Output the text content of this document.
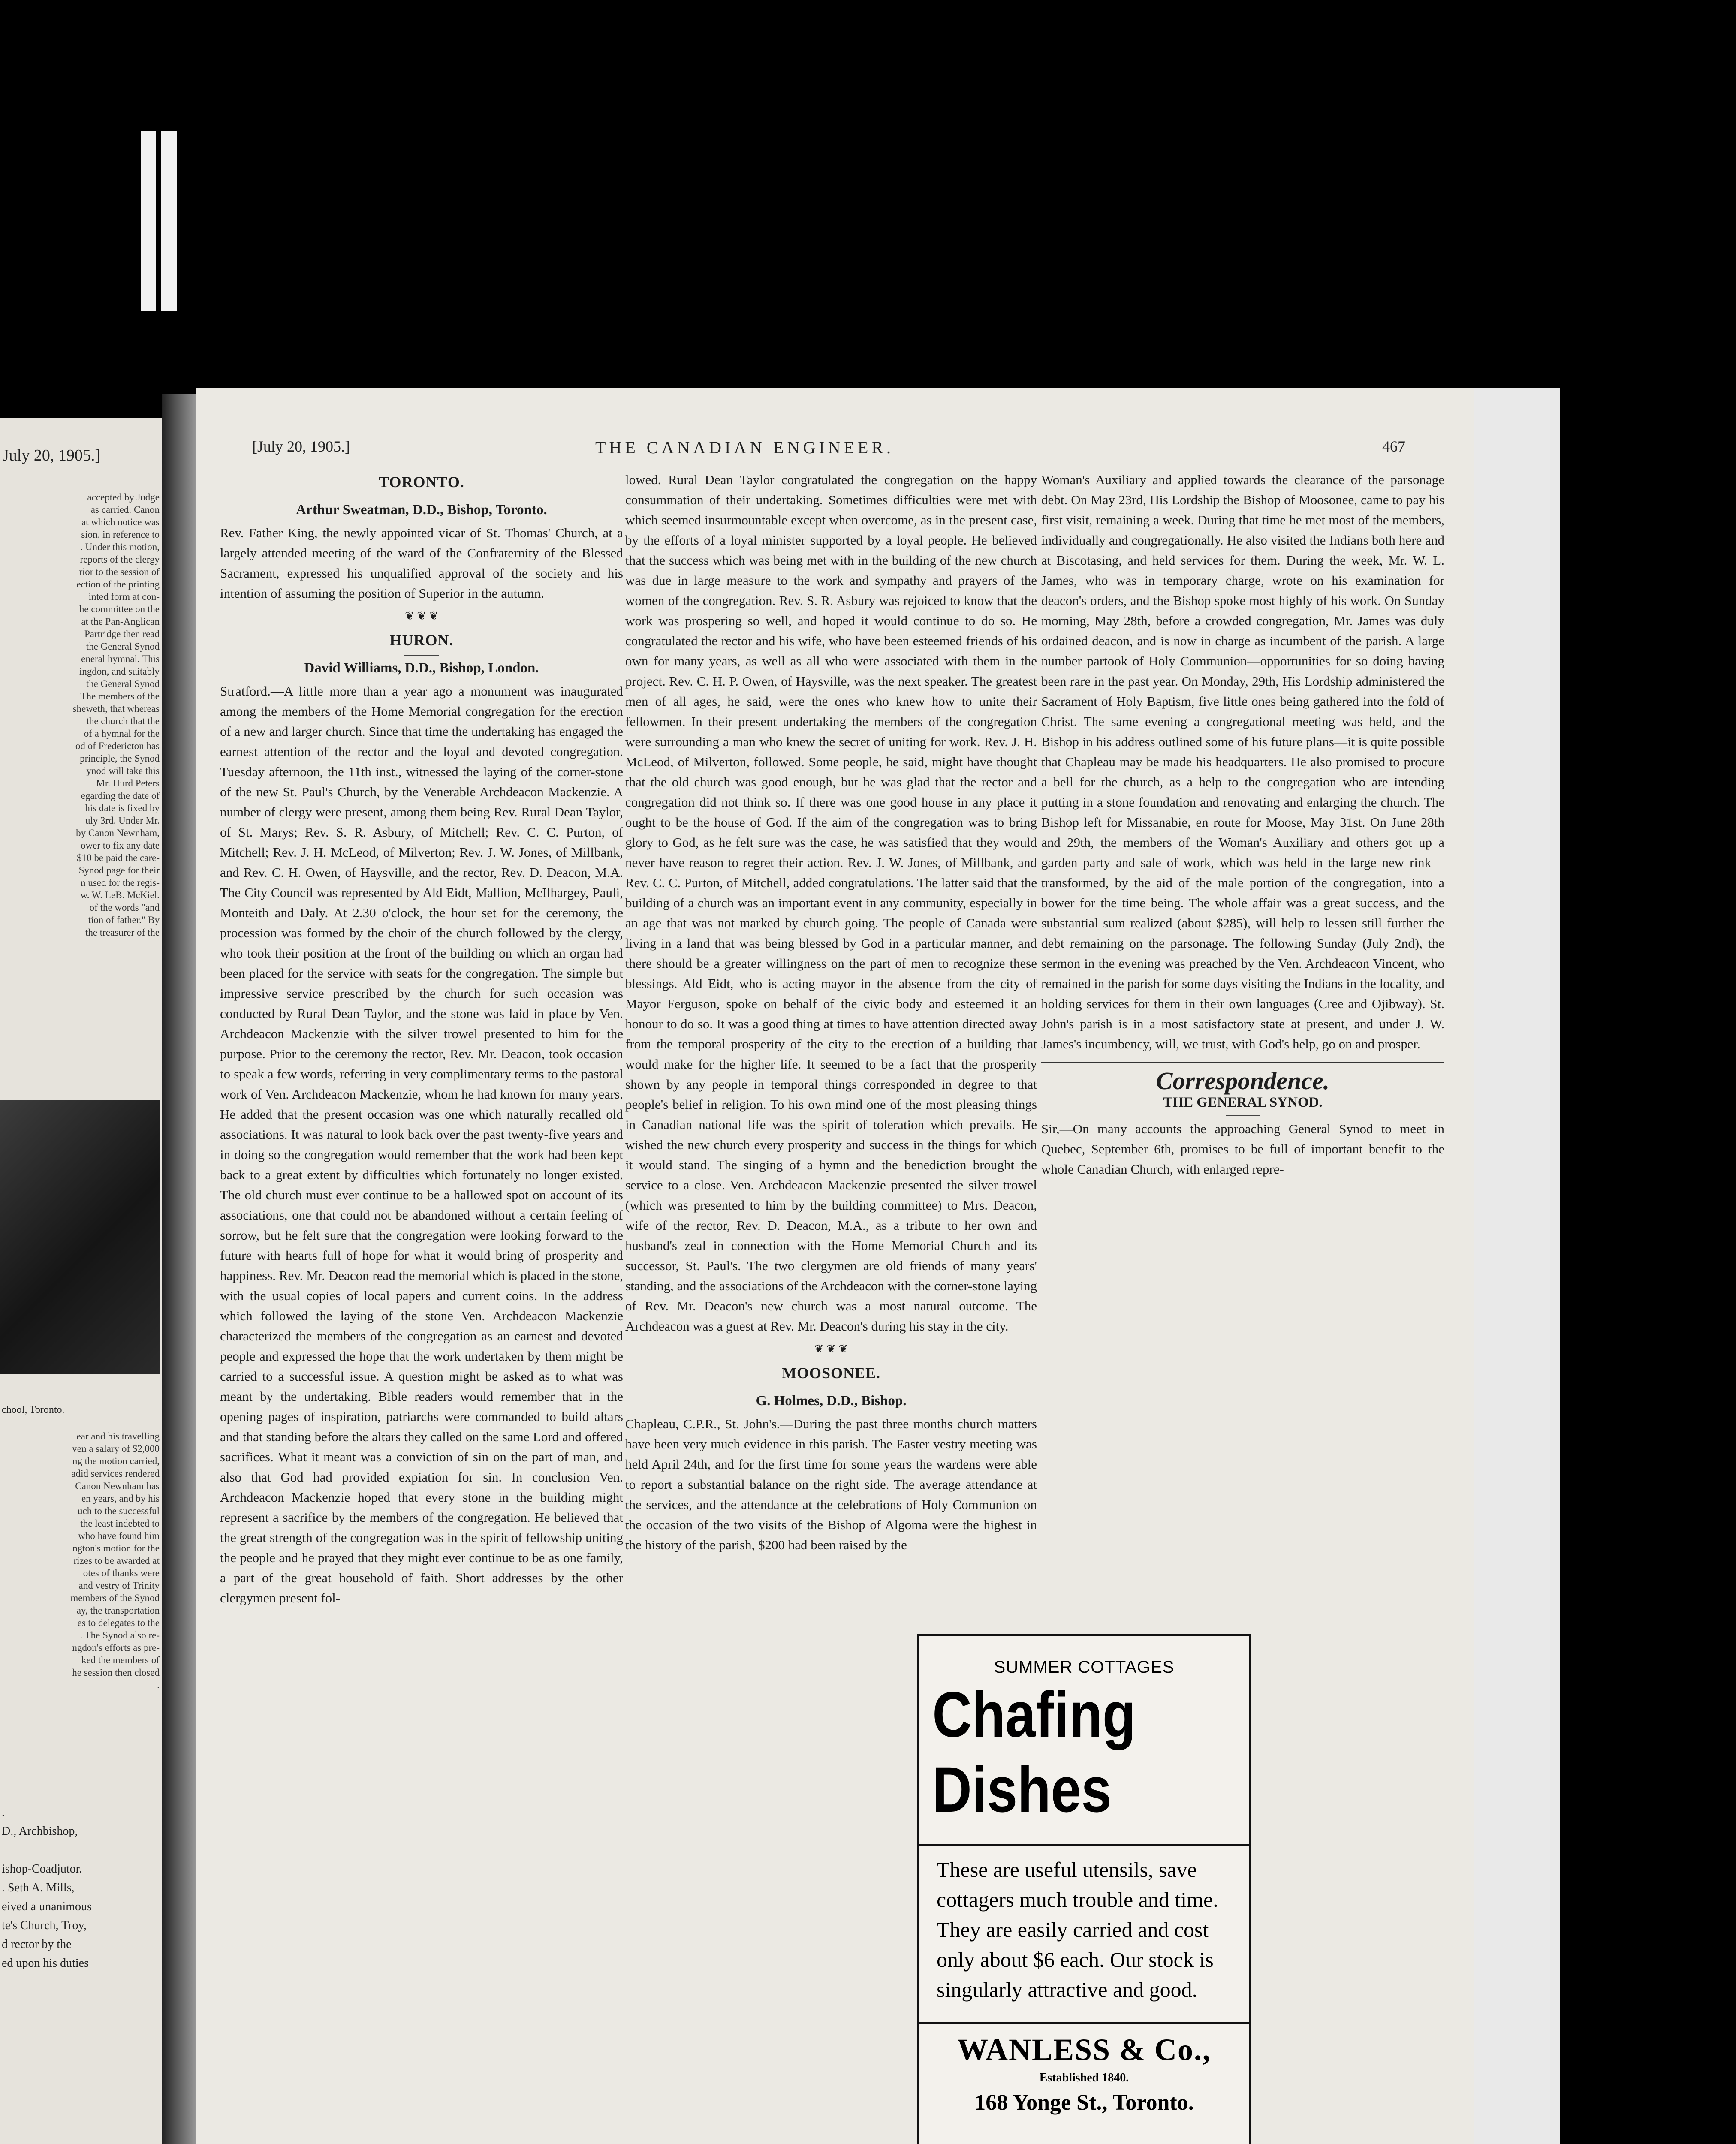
July 20, 1905.]
accepted by Judge
as carried. Canon
at which notice was
sion, in reference to
. Under this motion,
reports of the clergy
rior to the session of
ection of the printing
inted form at con-
he committee on the
at the Pan-Anglican
Partridge then read
the General Synod
eneral hymnal. This
ingdon, and suitably
the General Synod
The members of the
sheweth, that whereas
the church that the
of a hymnal for the
od of Fredericton has
principle, the Synod
ynod will take this
Mr. Hurd Peters
egarding the date of
his date is fixed by
uly 3rd. Under Mr.
by Canon Newnham,
ower to fix any date
$10 be paid the care-
Synod page for their
n used for the regis-
w. W. LeB. McKiel.
of the words "and
tion of father." By
the treasurer of the
chool, Toronto.
ear and his travelling
ven a salary of $2,000
ng the motion carried,
adid services rendered
Canon Newnham has
en years, and by his
uch to the successful
the least indebted to
who have found him
ngton's motion for the
rizes to be awarded at
otes of thanks were
and vestry of Trinity
members of the Synod
ay, the transportation
es to delegates to the
. The Synod also re-
ngdon's efforts as pre-
ked the members of
he session then closed
.
.
D., Archbishop,

ishop-Coadjutor.
. Seth A. Mills,
eived a unanimous
te's Church, Troy,
d rector by the
ed upon his duties
[July 20, 1905.]	THE CANADIAN ENGINEER.	467
TORONTO.
Arthur Sweatman, D.D., Bishop, Toronto.

Rev. Father King, the newly appointed vicar of St. Thomas' Church, at a largely attended meeting of the ward of the Confraternity of the Blessed Sacrament, expressed his unqualified approval of the society and his intention of assuming the position of Superior in the autumn.

❦ ❦ ❦
HURON.
David Williams, D.D., Bishop, London.

Stratford.—A little more than a year ago a monument was inaugurated among the members of the Home Memorial congregation for the erection of a new and larger church. Since that time the undertaking has engaged the earnest attention of the rector and the loyal and devoted congregation. Tuesday afternoon, the 11th inst., witnessed the laying of the corner-stone of the new St. Paul's Church, by the Venerable Archdeacon Mackenzie. A number of clergy were present, among them being Rev. Rural Dean Taylor, of St. Marys; Rev. S. R. Asbury, of Mitchell; Rev. C. C. Purton, of Mitchell; Rev. J. H. McLeod, of Milverton; Rev. J. W. Jones, of Millbank, and Rev. C. H. Owen, of Haysville, and the rector, Rev. D. Deacon, M.A. The City Council was represented by Ald Eidt, Mallion, McIlhargey, Pauli, Monteith and Daly. At 2.30 o'clock, the hour set for the ceremony, the procession was formed by the choir of the church followed by the clergy, who took their position at the front of the building on which an organ had been placed for the service with seats for the congregation. The simple but impressive service prescribed by the church for such occasion was conducted by Rural Dean Taylor, and the stone was laid in place by Ven. Archdeacon Mackenzie with the silver trowel presented to him for the purpose. Prior to the ceremony the rector, Rev. Mr. Deacon, took occasion to speak a few words, referring in very complimentary terms to the pastoral work of Ven. Archdeacon Mackenzie, whom he had known for many years. He added that the present occasion was one which naturally recalled old associations. It was natural to look back over the past twenty-five years and in doing so the congregation would remember that the work had been kept back to a great extent by difficulties which fortunately no longer existed. The old church must ever continue to be a hallowed spot on account of its associations, one that could not be abandoned without a certain feeling of sorrow, but he felt sure that the congregation were looking forward to the future with hearts full of hope for what it would bring of prosperity and happiness. Rev. Mr. Deacon read the memorial which is placed in the stone, with the usual copies of local papers and current coins. In the address which followed the laying of the stone Ven. Archdeacon Mackenzie characterized the members of the congregation as an earnest and devoted people and expressed the hope that the work undertaken by them might be carried to a successful issue. A question might be asked as to what was meant by the undertaking. Bible readers would remember that in the opening pages of inspiration, patriarchs were commanded to build altars and that standing before the altars they called on the same Lord and offered sacrifices. What it meant was a conviction of sin on the part of man, and also that God had provided expiation for sin. In conclusion Ven. Archdeacon Mackenzie hoped that every stone in the building might represent a sacrifice by the members of the congregation. He believed that the great strength of the congregation was in the spirit of fellowship uniting the people and he prayed that they might ever continue to be as one family, a part of the great household of faith. Short addresses by the other clergymen present fol-

lowed. Rural Dean Taylor congratulated the congregation on the happy consummation of their undertaking. Sometimes difficulties were met with which seemed insurmountable except when overcome, as in the present case, by the efforts of a loyal minister supported by a loyal people. He believed that the success which was being met with in the building of the new church was due in large measure to the work and sympathy and prayers of the women of the congregation. Rev. S. R. Asbury was rejoiced to know that the work was prospering so well, and hoped it would continue to do so. He congratulated the rector and his wife, who have been esteemed friends of his own for many years, as well as all who were associated with them in the project. Rev. C. H. P. Owen, of Haysville, was the next speaker. The greatest men of all ages, he said, were the ones who knew how to unite their fellowmen. In their present undertaking the members of the congregation were surrounding a man who knew the secret of uniting for work. Rev. J. H. McLeod, of Milverton, followed. Some people, he said, might have thought that the old church was good enough, but he was glad that the rector and congregation did not think so. If there was one good house in any place it ought to be the house of God. If the aim of the congregation was to bring glory to God, as he felt sure was the case, he was satisfied that they would never have reason to regret their action. Rev. J. W. Jones, of Millbank, and Rev. C. C. Purton, of Mitchell, added congratulations. The latter said that the building of a church was an important event in any community, especially in an age that was not marked by church going. The people of Canada were living in a land that was being blessed by God in a particular manner, and there should be a greater willingness on the part of men to recognize these blessings. Ald Eidt, who is acting mayor in the absence from the city of Mayor Ferguson, spoke on behalf of the civic body and esteemed it an honour to do so. It was a good thing at times to have attention directed away from the temporal prosperity of the city to the erection of a building that would make for the higher life. It seemed to be a fact that the prosperity shown by any people in temporal things corresponded in degree to that people's belief in religion. To his own mind one of the most pleasing things in Canadian national life was the spirit of toleration which prevails. He wished the new church every prosperity and success in the things for which it would stand. The singing of a hymn and the benediction brought the service to a close. Ven. Archdeacon Mackenzie presented the silver trowel (which was presented to him by the building committee) to Mrs. Deacon, wife of the rector, Rev. D. Deacon, M.A., as a tribute to her own and husband's zeal in connection with the Home Memorial Church and its successor, St. Paul's. The two clergymen are old friends of many years' standing, and the associations of the Archdeacon with the corner-stone laying of Rev. Mr. Deacon's new church was a most natural outcome. The Archdeacon was a guest at Rev. Mr. Deacon's during his stay in the city.

❦ ❦ ❦
MOOSONEE.
G. Holmes, D.D., Bishop.

Chapleau, C.P.R., St. John's.—During the past three months church matters have been very much evidence in this parish. The Easter vestry meeting was held April 24th, and for the first time for some years the wardens were able to report a substantial balance on the right side. The average attendance at the services, and the attendance at the celebrations of Holy Communion on the occasion of the two visits of the Bishop of Algoma were the highest in the history of the parish, $200 had been raised by the

Woman's Auxiliary and applied towards the clearance of the parsonage debt. On May 23rd, His Lordship the Bishop of Moosonee, came to pay his first visit, remaining a week. During that time he met most of the members, individually and congregationally. He also visited the Indians both here and at Biscotasing, and held services for them. During the week, Mr. W. L. James, who was in temporary charge, wrote on his examination for deacon's orders, and the Bishop spoke most highly of his work. On Sunday morning, May 28th, before a crowded congregation, Mr. James was duly ordained deacon, and is now in charge as incumbent of the parish. A large number partook of Holy Communion—opportunities for so doing having been rare in the past year. On Monday, 29th, His Lordship administered the Sacrament of Holy Baptism, five little ones being gathered into the fold of Christ. The same evening a congregational meeting was held, and the Bishop in his address outlined some of his future plans—it is quite possible that Chapleau may be made his headquarters. He also promised to procure a bell for the church, as a help to the congregation who are intending putting in a stone foundation and renovating and enlarging the church. The Bishop left for Missanabie, en route for Moose, May 31st. On June 28th and 29th, the members of the Woman's Auxiliary and others got up a garden party and sale of work, which was held in the large new rink—transformed, by the aid of the male portion of the congregation, into a bower for the time being. The whole affair was a great success, and the substantial sum realized (about $285), will help to lessen still further the debt remaining on the parsonage. The following Sunday (July 2nd), the sermon in the evening was preached by the Ven. Archdeacon Vincent, who remained in the parish for some days visiting the Indians in the locality, and holding services for them in their own languages (Cree and Ojibway). St. John's parish is in a most satisfactory state at present, and under J. W. James's incumbency, will, we trust, with God's help, go on and prosper.

Correspondence.
THE GENERAL SYNOD.

Sir,—On many accounts the approaching General Synod to meet in Quebec, September 6th, promises to be full of important benefit to the whole Canadian Church, with enlarged repre-

SUMMER COTTAGES
Chafing
Dishes
These are useful utensils, save cottagers much trouble and time. They are easily carried and cost only about $6 each. Our stock is singularly attractive and good.
WANLESS & Co.,
Established 1840.
168 Yonge St., Toronto.
